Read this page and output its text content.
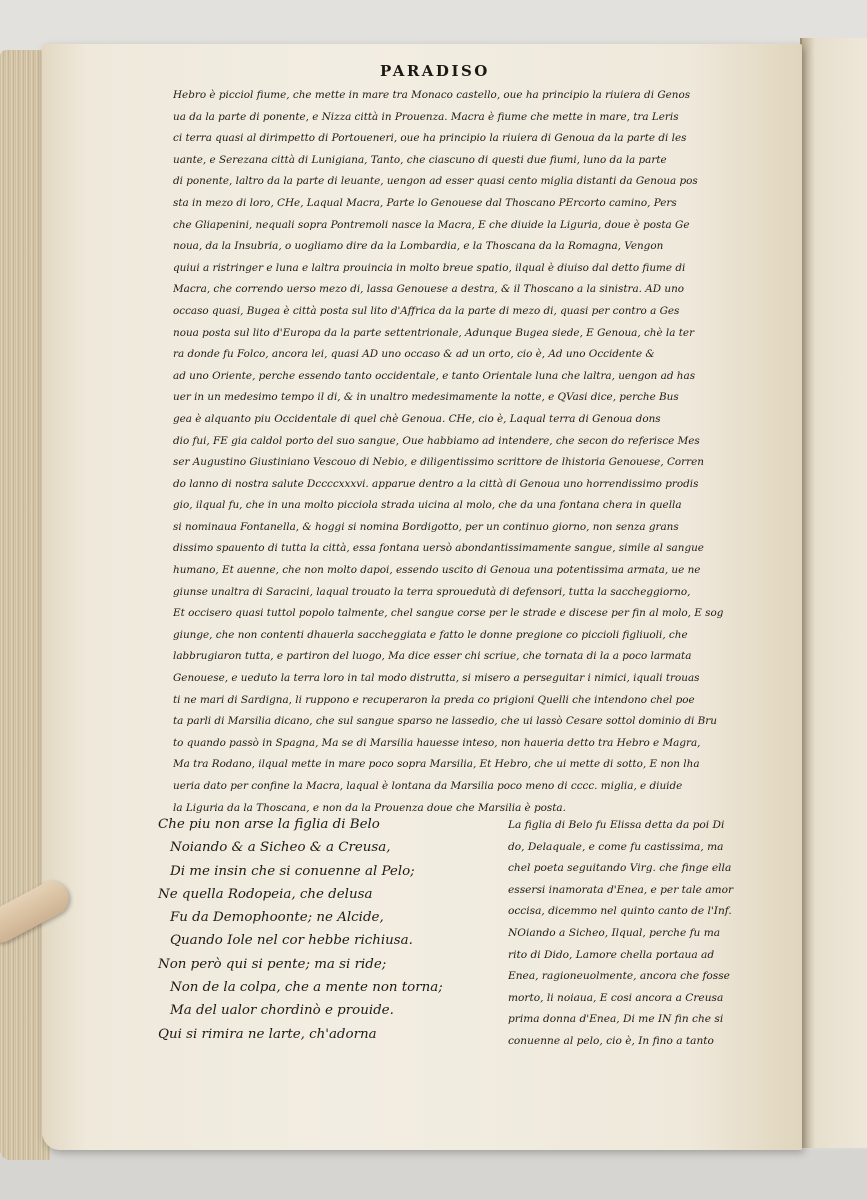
PARADISO
Hebro è picciol fiume, che mette in mare tra Monaco castello, oue ha principio la riuiera di Genos
ua da la parte di ponente, e Nizza città in Prouenza. Macra è fiume che mette in mare, tra Leris
ci terra quasi al dirimpetto di Portoueneri, oue ha principio la riuiera di Genoua da la parte di les
uante, e Serezana città di Lunigiana, Tanto, che ciascuno di questi due fiumi, luno da la parte
di ponente, laltro da la parte di leuante, uengon ad esser quasi cento miglia distanti da Genoua pos
sta in mezo di loro, CHe, Laqual Macra, Parte lo Genouese dal Thoscano PErcorto camino, Pers
che Gliapenini, nequali sopra Pontremoli nasce la Macra, E che diuide la Liguria, doue è posta Ge
noua, da la Insubria, o uogliamo dire da la Lombardia, e la Thoscana da la Romagna, Vengon
quiui a ristringer e luna e laltra prouincia in molto breue spatio, ilqual è diuiso dal detto fiume di
Macra, che correndo uerso mezo di, lassa Genouese a destra, & il Thoscano a la sinistra. AD uno
occaso quasi, Bugea è città posta sul lito d'Affrica da la parte di mezo di, quasi per contro a Ges
noua posta sul lito d'Europa da la parte settentrionale, Adunque Bugea siede, E Genoua, chè la ter
ra donde fu Folco, ancora lei, quasi AD uno occaso & ad un orto, cio è, Ad uno Occidente &
ad uno Oriente, perche essendo tanto occidentale, e tanto Orientale luna che laltra, uengon ad has
uer in un medesimo tempo il di, & in unaltro medesimamente la notte, e QVasi dice, perche Bus
gea è alquanto piu Occidentale di quel chè Genoua. CHe, cio è, Laqual terra di Genoua dons
dio fui, FE gia caldol porto del suo sangue, Oue habbiamo ad intendere, che secon do referisce Mes
ser Augustino Giustiniano Vescouo di Nebio, e diligentissimo scrittore de lhistoria Genouese, Corren
do lanno di nostra salute Dccccxxxvi. apparue dentro a la città di Genoua uno horrendissimo prodis
gio, ilqual fu, che in una molto picciola strada uicina al molo, che da una fontana chera in quella
si nominaua Fontanella, & hoggi si nomina Bordigotto, per un continuo giorno, non senza grans
dissimo spauento di tutta la città, essa fontana uersò abondantissimamente sangue, simile al sangue
humano, Et auenne, che non molto dapoi, essendo uscito di Genoua una potentissima armata, ue ne
giunse unaltra di Saracini, laqual trouato la terra sprouedutà di defensori, tutta la saccheggiorno,
Et occisero quasi tuttol popolo talmente, chel sangue corse per le strade e discese per fin al molo, E sog
giunge, che non contenti dhauerla saccheggiata e fatto le donne pregione co piccioli figliuoli, che
labbrugiaron tutta, e partiron del luogo, Ma dice esser chi scriue, che tornata di la a poco larmata
Genouese, e ueduto la terra loro in tal modo distrutta, si misero a perseguitar i nimici, iquali trouas
ti ne mari di Sardigna, li ruppono e recuperaron la preda co prigioni Quelli che intendono chel poe
ta parli di Marsilia dicano, che sul sangue sparso ne lassedio, che ui lassò Cesare sottol dominio di Bru
to quando passò in Spagna, Ma se di Marsilia hauesse inteso, non haueria detto tra Hebro e Magra,
Ma tra Rodano, ilqual mette in mare poco sopra Marsilia, Et Hebro, che ui mette di sotto, E non lha
ueria dato per confine la Macra, laqual è lontana da Marsilia poco meno di cccc. miglia, e diuide
la Liguria da la Thoscana, e non da la Prouenza doue che Marsilia è posta.
Che piu non arse la figlia di Belo
Noiando & a Sicheo & a Creusa,
Di me insin che si conuenne al Pelo;
Ne quella Rodopeia, che delusa
Fu da Demophoonte; ne Alcide,
Quando Iole nel cor hebbe richiusa.
Non però qui si pente; ma si ride;
Non de la colpa, che a mente non torna;
Ma del ualor chordinò e prouide.
Qui si rimira ne larte, ch'adorna
La figlia di Belo fu Elissa detta da poi Di
do, Delaquale, e come fu castissima, ma
chel poeta seguitando Virg. che finge ella
essersi inamorata d'Enea, e per tale amor
occisa, dicemmo nel quinto canto de l'Inf.
NOiando a Sicheo, Ilqual, perche fu ma
rito di Dido, Lamore chella portaua ad
Enea, ragioneuolmente, ancora che fosse
morto, li noiaua, E cosi ancora a Creusa
prima donna d'Enea, Di me IN fin che si
conuenne al pelo, cio è, In fino a tanto
